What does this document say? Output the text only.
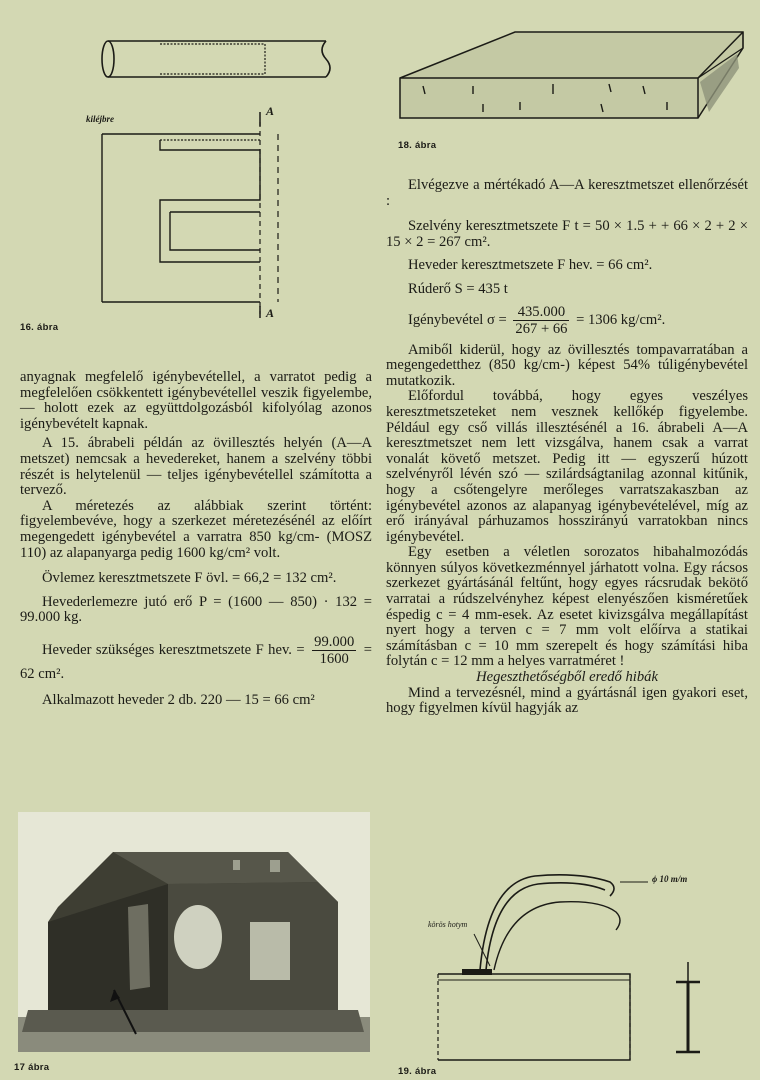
kiléjbre
A
A
16. ábra
18. ábra

Elvégezve a mértékadó A—A keresztmetszet ellenőrzését :

Szelvény keresztmetszete F t = 50 × 1.5 + + 66 × 2 + 2 × 15 × 2 = 267 cm².

Heveder keresztmetszete F hev. = 66 cm².

Rúderő S = 435 t

Igénybevétel $\sigma = \frac{435.000}{267 + 66} = 1306$ kg/cm².

Amiből kiderül, hogy az övillesztés tompavarratában a megengedetthez (850 kg/cm-) képest 54% túligénybevétel mutatkozik.

Előfordul továbbá, hogy egyes veszélyes keresztmetszeteket nem vesznek kellőkép figyelembe. Például egy cső villás illesztésénél a 16. ábrabeli A—A keresztmetszet nem lett vizsgálva, hanem csak a varrat vonalát követő metszet. Pedig itt — egyszerű húzott szelvényről lévén szó — szilárdságtanilag azonnal kitűnik, hogy a csőtengelyre merőleges varratszakaszban az igénybevétel azonos az alapanyag igénybevételével, míg az erő irányával párhuzamos hosszirányú varratokban nincs igénybevétel.

Egy esetben a véletlen sorozatos hibahalmozódás könnyen súlyos következménnyel járhatott volna. Egy rácsos szerkezet gyártásánál feltűnt, hogy egyes rácsrudak bekötő varratai a rúdszelvényhez képest elenyészően kisméretűek éspedig c = 4 mm-esek. Az esetet kivizsgálva megállapítást nyert hogy a terven c = 7 mm volt előírva a statikai számításban c = 10 mm szerepelt és hogy számítási hiba folytán c = 12 mm a helyes varratméret !

Hegeszthetőségből eredő hibák

Mind a tervezésnél, mind a gyártásnál igen gyakori eset, hogy figyelmen kívül hagyják az

anyagnak megfelelő igénybevétellel, a varratot pedig a megfelelően csökkentett igénybevétellel veszik figyelembe, — holott ezek az együttdolgozásból kifolyólag azonos igénybevételt kapnak.

A 15. ábrabeli példán az övillesztés helyén (A—A metszet) nemcsak a hevedereket, hanem a szelvény többi részét is helytelenül — teljes igénybevétellel számította a tervező.

A méretezés az alábbiak szerint történt: figyelembevéve, hogy a szerkezet méretezésénél az előírt megengedett igénybevétel a varratra 850 kg/cm- (MOSZ 110) az alapanyarga pedig 1600 kg/cm² volt.

Övlemez keresztmetszete F övl. = 66,2 = 132 cm².

Hevederlemezre jutó erő P = (1600 — 850) · 132 = 99.000 kg.

Heveder szükséges keresztmetszete F hev. = $\frac{99.000}{1600} = 62$ cm².

Alkalmazott heveder 2 db. 220 — 15 = 66 cm²

17 ábra
körös hotym
ϕ 10 m/m
19. ábra
